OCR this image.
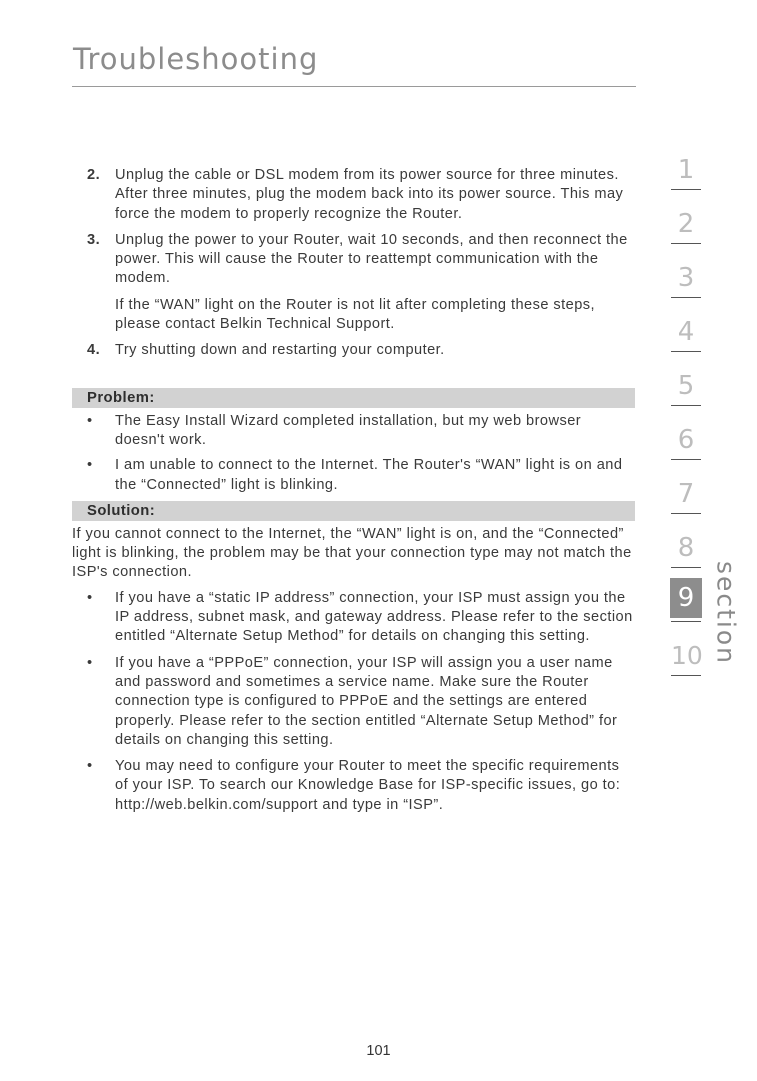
Troubleshooting
2. Unplug the cable or DSL modem from its power source for three minutes. After three minutes, plug the modem back into its power source. This may force the modem to properly recognize the Router.
3. Unplug the power to your Router, wait 10 seconds, and then reconnect the power. This will cause the Router to reattempt communication with the modem.
If the “WAN” light on the Router is not lit after completing these steps, please contact Belkin Technical Support.
4. Try shutting down and restarting your computer.
Problem:
• The Easy Install Wizard completed installation, but my web browser doesn't work.
• I am unable to connect to the Internet. The Router's “WAN” light is on and the “Connected” light is blinking.
Solution:

If you cannot connect to the Internet, the “WAN” light is on, and the “Connected” light is blinking, the problem may be that your connection type may not match the ISP's connection.

• If you have a “static IP address” connection, your ISP must assign you the IP address, subnet mask, and gateway address. Please refer to the section entitled “Alternate Setup Method” for details on changing this setting.
• If you have a “PPPoE” connection, your ISP will assign you a user name and password and sometimes a service name. Make sure the Router connection type is configured to PPPoE and the settings are entered properly. Please refer to the section entitled “Alternate Setup Method” for details on changing this setting.
• You may need to configure your Router to meet the specific requirements of your ISP. To search our Knowledge Base for ISP-specific issues, go to: http://web.belkin.com/support and type in “ISP”.
1
2
3
4
5
6
7
8
9
10 section
101
